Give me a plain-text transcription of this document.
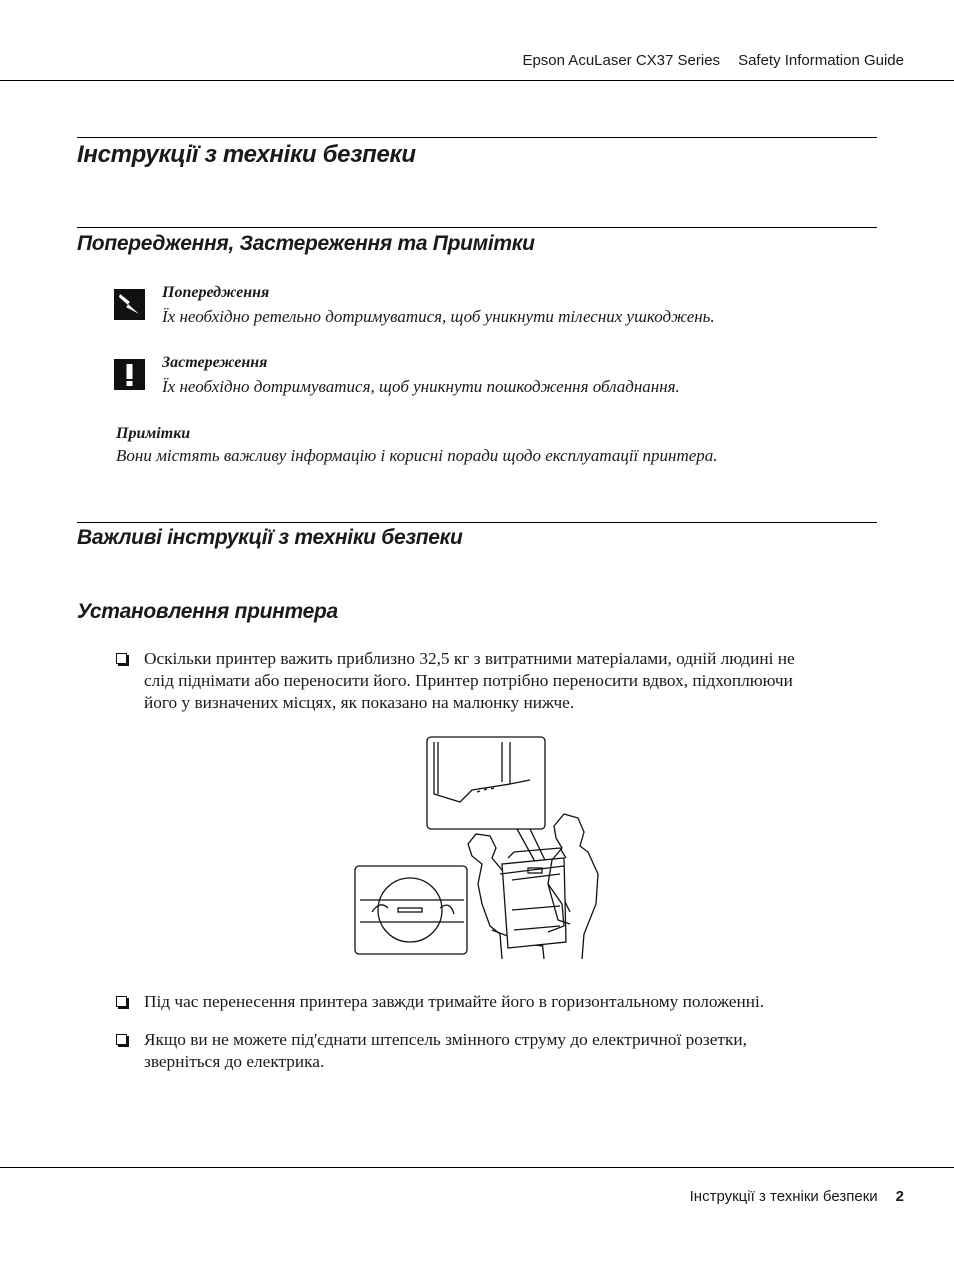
Epson AcuLaser CX37 Series Safety Information Guide
Інструкції з техніки безпеки
Попередження, Застереження та Примітки
Попередження
Їх необхідно ретельно дотримуватися, щоб уникнути тілесних ушкоджень.
Застереження
Їх необхідно дотримуватися, щоб уникнути пошкодження обладнання.
Примітки
Вони містять важливу інформацію і корисні поради щодо експлуатації принтера.
Важливі інструкції з техніки безпеки
Установлення принтера
Оскільки принтер важить приблизно 32,5 кг з витратними матеріалами, одній людині не
слід піднімати або переносити його. Принтер потрібно переносити вдвох, підхоплюючи
його у визначених місцях, як показано на малюнку нижче.
Під час перенесення принтера завжди тримайте його в горизонтальному положенні.
Якщо ви не можете під'єднати штепсель змінного струму до електричної розетки,
зверніться до електрика.
Інструкції з техніки безпеки 2
